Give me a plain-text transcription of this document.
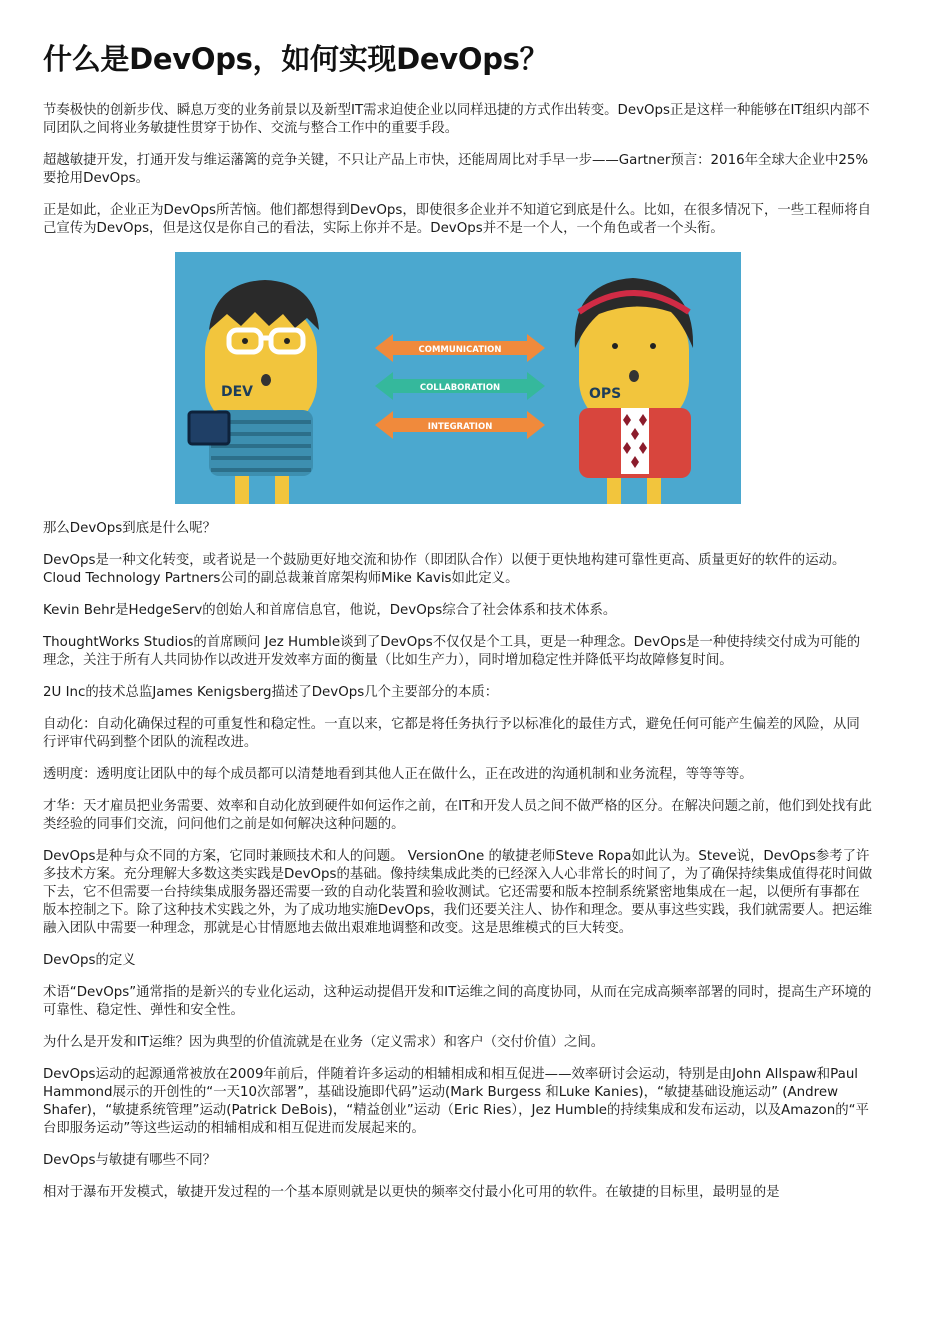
什么是DevOps，如何实现DevOps？

节奏极快的创新步伐、瞬息万变的业务前景以及新型IT需求迫使企业以同样迅捷的方式作出转变。DevOps正是这样一种能够在IT组织内部不同团队之间将业务敏捷性贯穿于协作、交流与整合工作中的重要手段。

超越敏捷开发，打通开发与维运藩篱的竞争关键，不只让产品上市快，还能周周比对手早一步——Gartner预言：2016年全球大企业中25%要抢用DevOps。

正是如此，企业正为DevOps所苦恼。他们都想得到DevOps，即使很多企业并不知道它到底是什么。比如，在很多情况下，一些工程师将自己宣传为DevOps，但是这仅是你自己的看法，实际上你并不是。DevOps并不是一个人，一个角色或者一个头衔。

DEV
COMMUNICATION
COLLABORATION
INTEGRATION
OPS

那么DevOps到底是什么呢？

DevOps是一种文化转变，或者说是一个鼓励更好地交流和协作（即团队合作）以便于更快地构建可靠性更高、质量更好的软件的运动。Cloud Technology Partners公司的副总裁兼首席架构师Mike Kavis如此定义。

Kevin Behr是HedgeServ的创始人和首席信息官，他说，DevOps综合了社会体系和技术体系。

ThoughtWorks Studios的首席顾问 Jez Humble谈到了DevOps不仅仅是个工具，更是一种理念。DevOps是一种使持续交付成为可能的理念，关注于所有人共同协作以改进开发效率方面的衡量（比如生产力），同时增加稳定性并降低平均故障修复时间。

2U Inc的技术总监James Kenigsberg描述了DevOps几个主要部分的本质：

自动化：自动化确保过程的可重复性和稳定性。一直以来，它都是将任务执行予以标准化的最佳方式，避免任何可能产生偏差的风险，从同行评审代码到整个团队的流程改进。

透明度：透明度让团队中的每个成员都可以清楚地看到其他人正在做什么，正在改进的沟通机制和业务流程，等等等等。

才华：天才雇员把业务需要、效率和自动化放到硬件如何运作之前，在IT和开发人员之间不做严格的区分。在解决问题之前，他们到处找有此类经验的同事们交流，问问他们之前是如何解决这种问题的。

DevOps是种与众不同的方案，它同时兼顾技术和人的问题。 VersionOne 的敏捷老师Steve Ropa如此认为。Steve说，DevOps参考了许多技术方案。充分理解大多数这类实践是DevOps的基础。像持续集成此类的已经深入人心非常长的时间了，为了确保持续集成值得花时间做下去，它不但需要一台持续集成服务器还需要一致的自动化装置和验收测试。它还需要和版本控制系统紧密地集成在一起，以便所有事都在版本控制之下。除了这种技术实践之外，为了成功地实施DevOps，我们还要关注人、协作和理念。要从事这些实践，我们就需要人。把运维融入团队中需要一种理念，那就是心甘情愿地去做出艰难地调整和改变。这是思维模式的巨大转变。

DevOps的定义

术语“DevOps”通常指的是新兴的专业化运动，这种运动提倡开发和IT运维之间的高度协同，从而在完成高频率部署的同时，提高生产环境的可靠性、稳定性、弹性和安全性。

为什么是开发和IT运维？因为典型的价值流就是在业务（定义需求）和客户（交付价值）之间。

DevOps运动的起源通常被放在2009年前后，伴随着许多运动的相辅相成和相互促进——效率研讨会运动，特别是由John Allspaw和Paul Hammond展示的开创性的“一天10次部署”，基础设施即代码”运动(Mark Burgess 和Luke Kanies)，“敏捷基础设施运动” (Andrew Shafer)，“敏捷系统管理”运动(Patrick DeBois)，“精益创业”运动（Eric Ries），Jez Humble的持续集成和发布运动，以及Amazon的“平台即服务运动”等这些运动的相辅相成和相互促进而发展起来的。

DevOps与敏捷有哪些不同？

相对于瀑布开发模式，敏捷开发过程的一个基本原则就是以更快的频率交付最小化可用的软件。在敏捷的目标里，最明显的是
